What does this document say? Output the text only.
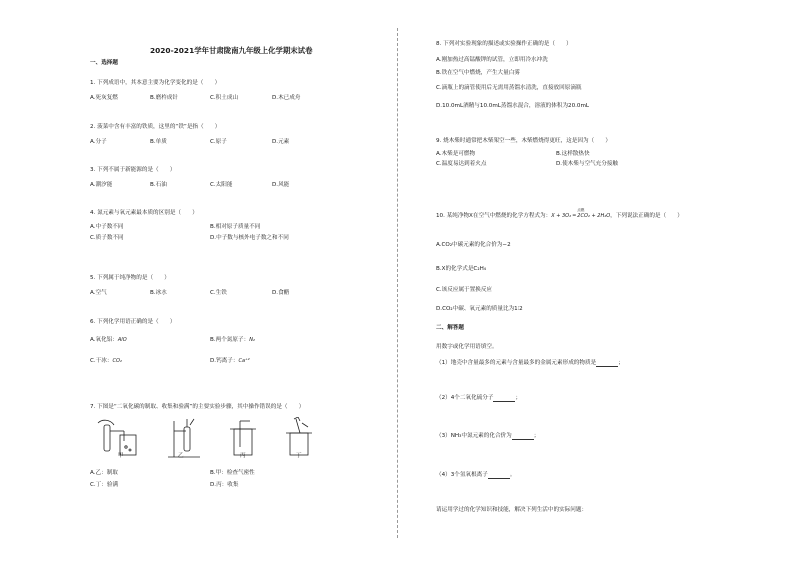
2020-2021学年甘肃陇南九年级上化学期末试卷
一、选择题
1. 下列成语中，其本意主要为化学变化的是（　　）
A.死灰复燃	B.磨杵成针	C.积土成山	D.木已成舟
2. 菠菜中含有丰富的铁质，这里的“铁”是指（　　）
A.分子	B.单质	C.原子	D.元素
3. 下列不属于新能源的是（　　）
A.潮汐能	B.石油	C.太阳能	D.风能
4. 氮元素与氧元素最本质的区别是（　　）
A.中子数不同	B.相对原子质量不同
C.质子数不同	D.中子数与核外电子数之和不同
5. 下列属于纯净物的是（　　）
A.空气	B.冰水	C.生铁	D.食醋
6. 下列化学用语正确的是（　　）
A.氧化铝：AlO	B.两个氮原子：N₂
C.干冰：CO₂	D.钙离子：Ca⁺²
7. 下图是“二氧化碳的制取、收集和验满”的主要实验步骤，其中操作错误的是（　　）
甲	乙	丙	丁
A.乙：制取	B.甲：检查气密性
C.丁：验满	D.丙：收集
8. 下列对实验现象的描述或实验操作正确的是（　　）
A.刚加热过高锰酸钾的试管，立即用冷水冲洗
B.铁在空气中燃烧，产生大量白雾
C.滴瓶上的滴管使用后无需用蒸馏水清洗，直接放回原滴瓶
D.10.0mL酒精与10.0mL蒸馏水混合，溶液的体积为20.0mL
9. 烧木柴时通常把木柴架空一些，木柴燃烧得更旺，这是因为（　　）
A.木柴是可燃物	B.这样散热快
C.温度易达到着火点	D.使木柴与空气充分接触
10. 某纯净物X在空气中燃烧的化学方程式为：
点燃
X + 3O₂ ═ 2CO₂ + 2H₂O，下列说法正确的是（　　）
A.CO₂中碳元素的化合价为−2
B.X的化学式是C₂H₄
C.该反应属于置换反应
D.CO₂中碳、氧元素的质量比为1∶2
二、解答题
用数字或化学用语填空。
（1）地壳中含量最多的元素与含量最多的金属元素形成的物质是	；
（2）4个二氧化硫分子	；
（3）NH₃中氮元素的化合价为	；
（4）3个氢氧根离子	。
请运用学过的化学知识和技能，解决下列生活中的实际问题：
